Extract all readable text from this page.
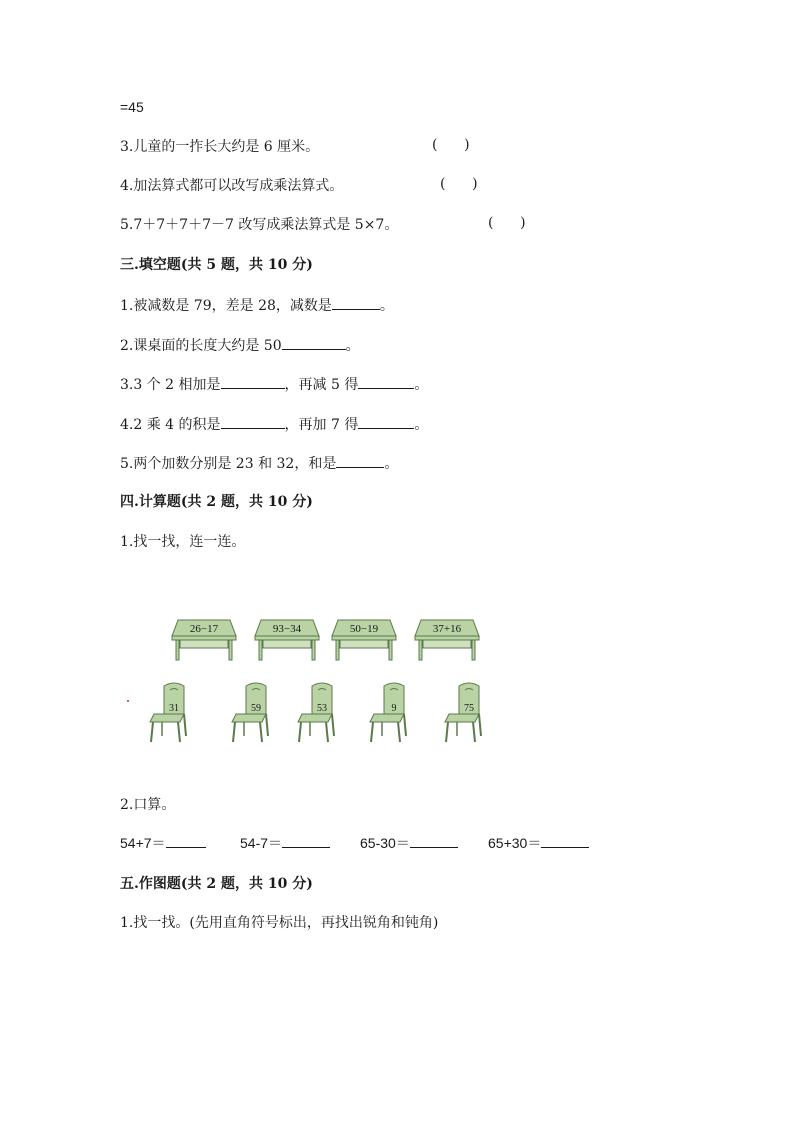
=45
3.儿童的一拃长大约是 6 厘米。	(      )
4.加法算式都可以改写成乘法算式。	(      )
5.7＋7＋7＋7－7 改写成乘法算式是 5×7。	(      )
三.填空题(共 5 题，共 10 分)
1.被减数是 79，差是 28，减数是	。
2.课桌面的长度大约是 50	。
3.3 个 2 相加是	，再减 5 得	。
4.2 乘 4 的积是	，再加 7 得	。
5.两个加数分别是 23 和 32，和是	。
四.计算题(共 2 题，共 10 分)
1.找一找，连一连。
26−17	93−34	50−19	37+16
31	59	53	9	75
2.口算。
54+7＝	54-7＝	65-30＝	65+30＝
五.作图题(共 2 题，共 10 分)
1.找一找。(先用直角符号标出，再找出锐角和钝角)
